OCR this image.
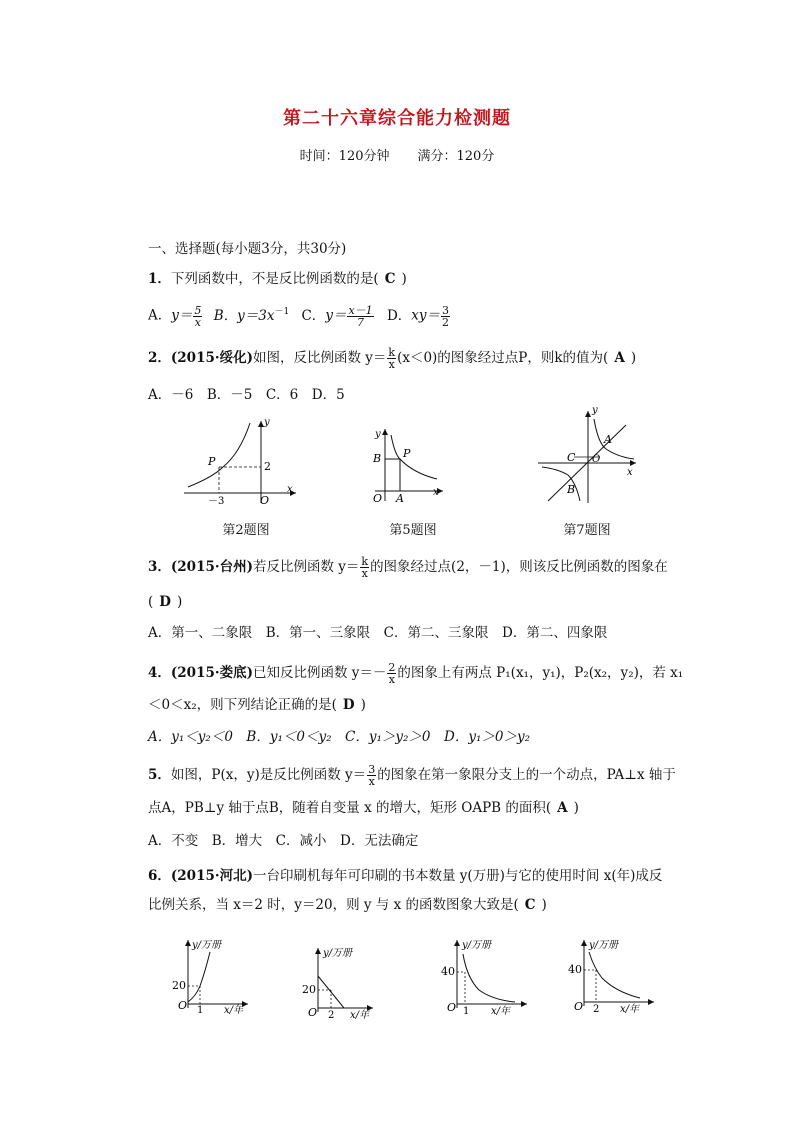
第二十六章综合能力检测题
时间：120分钟 满分：120分
一、选择题(每小题3分，共30分)
1．下列函数中，不是反比例函数的是( C )
A．$y= \frac{5}{x}$ B．$y=3x^{-1}$ C．$y= \frac{x-1}{7}$ D．$xy= \frac{3}{2}$
2．(2015·绥化)如图，反比例函数 $y= \frac{k}{x} (x<0)$的图象经过点P，则k的值为( A )
A．－6　B．－5　C．6　D．5
P	2
－3	O
x
y
第2题图
y
B P
O A	x
第5题图
y
A
C O
B
x
第7题图
3．(2015·台州)若反比例函数 $y= \frac{k}{x}$ 的图象经过点(2，－1)，则该反比例函数的图象在
( D )
A．第一、二象限　B．第一、三象限　C．第二、三象限　D．第二、四象限
4．(2015·娄底)已知反比例函数 $y=- \frac{2}{x}$ 的图象上有两点 P₁(x₁，y₁)，P₂(x₂，y₂)，若 x₁
＜0＜x₂，则下列结论正确的是( D )
A．y₁＜y₂＜0　B．y₁＜0＜y₂　C．y₁＞y₂＞0　D．y₁＞0＞y₂
5．如图，P(x，y)是反比例函数 $y= \frac{3}{x}$ 的图象在第一象限分支上的一个动点，PA⊥x 轴于
点A，PB⊥y 轴于点B，随着自变量 x 的增大，矩形 OAPB 的面积( A )
A．不变　B．增大　C．减小　D．无法确定
6．(2015·河北)一台印刷机每年可印刷的书本数量 y(万册)与它的使用时间 x(年)成反
比例关系，当 x＝2 时，y＝20，则 y 与 x 的函数图象大致是( C )
y/万册
20
O 1 x/年
y/万册
20
O 2 x/年
y/万册
40
O 1 x/年
y/万册
40
O 2 x/年
